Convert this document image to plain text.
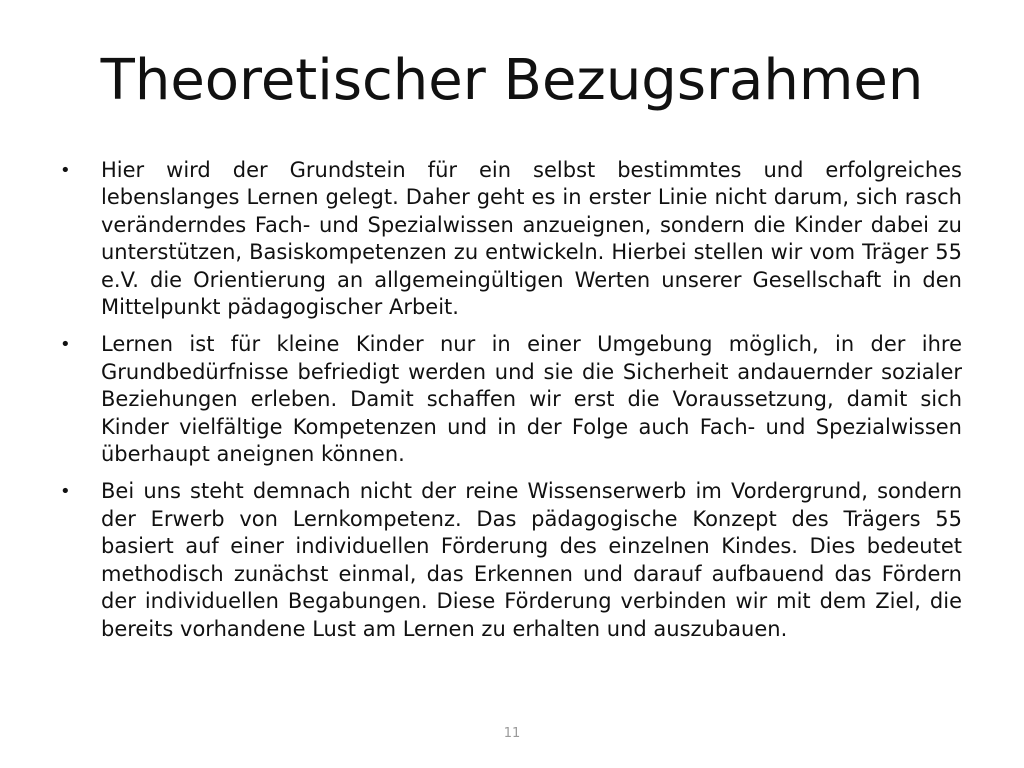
Theoretischer Bezugsrahmen
• Hier wird der Grundstein für ein selbst bestimmtes und erfolgreiches lebenslanges Lernen gelegt. Daher geht es in erster Linie nicht darum, sich rasch veränderndes Fach- und Spezialwissen anzueignen, sondern die Kinder dabei zu unterstützen, Basiskompetenzen zu entwickeln. Hierbei stellen wir vom Träger 55 e.V. die Orientierung an allgemeingültigen Werten unserer Gesellschaft in den Mittelpunkt pädagogischer Arbeit.
• Lernen ist für kleine Kinder nur in einer Umgebung möglich, in der ihre Grundbedürfnisse befriedigt werden und sie die Sicherheit andauernder sozialer Beziehungen erleben. Damit schaffen wir erst die Voraussetzung, damit sich Kinder vielfältige Kompetenzen und in der Folge auch Fach- und Spezialwissen überhaupt aneignen können.
• Bei uns steht demnach nicht der reine Wissenserwerb im Vordergrund, sondern der Erwerb von Lernkompetenz. Das pädagogische Konzept des Trägers 55 basiert auf einer individuellen Förderung des einzelnen Kindes. Dies bedeutet methodisch zunächst einmal, das Erkennen und darauf aufbauend das Fördern der individuellen Begabungen. Diese Förderung verbinden wir mit dem Ziel, die bereits vorhandene Lust am Lernen zu erhalten und auszubauen.
11
